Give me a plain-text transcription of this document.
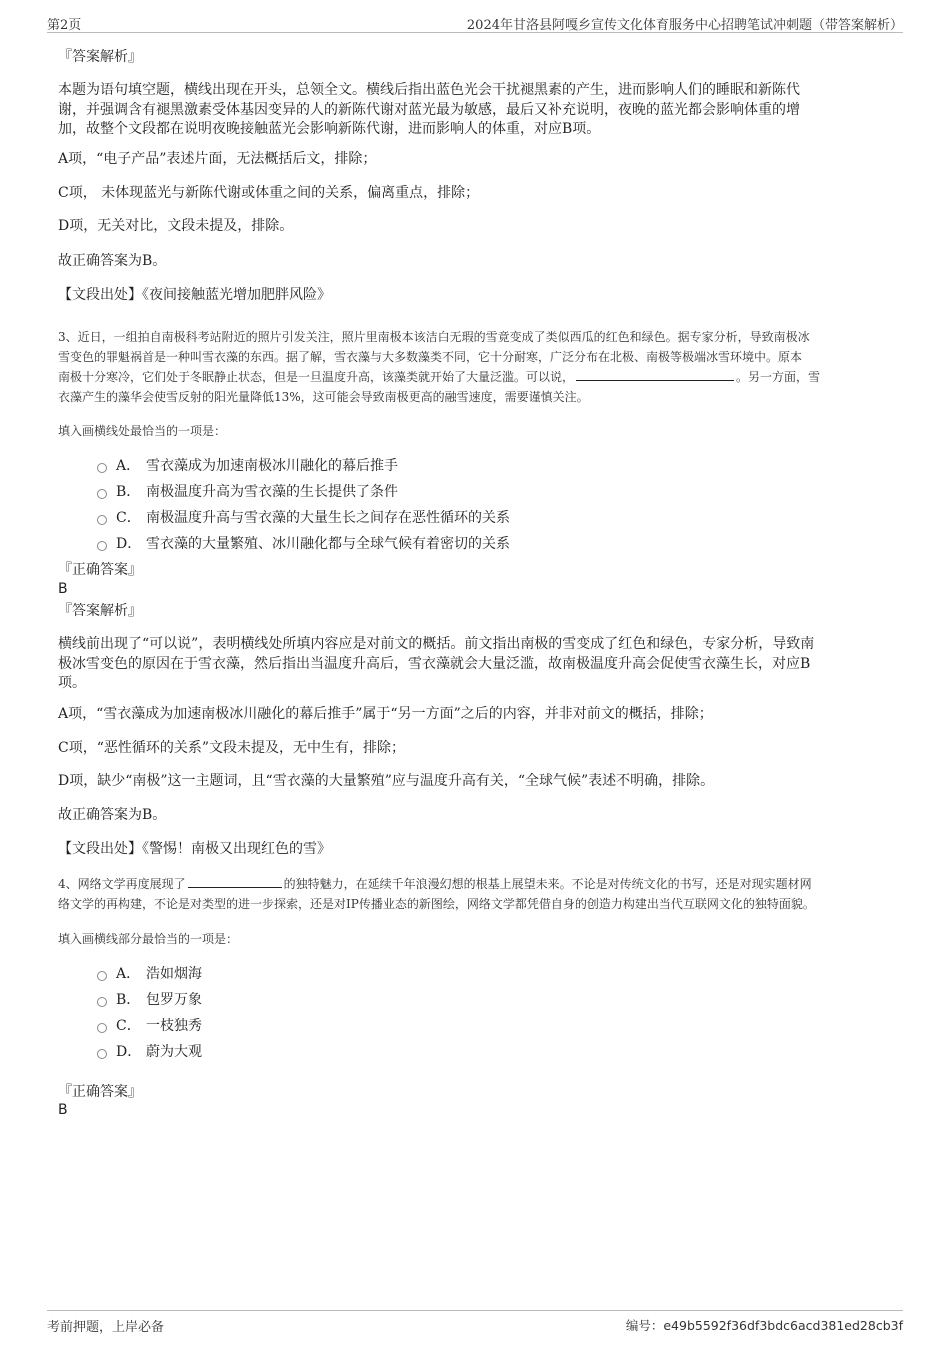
第2页	2024年甘洛县阿嘎乡宣传文化体育服务中心招聘笔试冲刺题（带答案解析）
『答案解析』
本题为语句填空题，横线出现在开头，总领全文。横线后指出蓝色光会干扰褪黑素的产生，进而影响人们的睡眠和新陈代
谢，并强调含有褪黑激素受体基因变异的人的新陈代谢对蓝光最为敏感，最后又补充说明，夜晚的蓝光都会影响体重的增
加，故整个文段都在说明夜晚接触蓝光会影响新陈代谢，进而影响人的体重，对应B项。
A项，“电子产品”表述片面，无法概括后文，排除；
C项， 未体现蓝光与新陈代谢或体重之间的关系，偏离重点，排除；
D项，无关对比，文段未提及，排除。
故正确答案为B。
【文段出处】《夜间接触蓝光增加肥胖风险》
3、近日，一组拍自南极科考站附近的照片引发关注，照片里南极本该洁白无瑕的雪竟变成了类似西瓜的红色和绿色。据专家分析，导致南极冰
雪变色的罪魁祸首是一种叫雪衣藻的东西。据了解，雪衣藻与大多数藻类不同，它十分耐寒，广泛分布在北极、南极等极端冰雪环境中。原本
南极十分寒冷，它们处于冬眠静止状态，但是一旦温度升高，该藻类就开始了大量泛滥。可以说，	。另一方面，雪
衣藻产生的藻华会使雪反射的阳光量降低13%，这可能会导致南极更高的融雪速度，需要谨慎关注。
填入画横线处最恰当的一项是：
A． 雪衣藻成为加速南极冰川融化的幕后推手
B． 南极温度升高为雪衣藻的生长提供了条件
C． 南极温度升高与雪衣藻的大量生长之间存在恶性循环的关系
D． 雪衣藻的大量繁殖、冰川融化都与全球气候有着密切的关系
『正确答案』
B
『答案解析』
横线前出现了“可以说”，表明横线处所填内容应是对前文的概括。前文指出南极的雪变成了红色和绿色，专家分析，导致南
极冰雪变色的原因在于雪衣藻，然后指出当温度升高后，雪衣藻就会大量泛滥，故南极温度升高会促使雪衣藻生长，对应B
项。
A项，“雪衣藻成为加速南极冰川融化的幕后推手”属于“另一方面”之后的内容，并非对前文的概括，排除；
C项，“恶性循环的关系”文段未提及，无中生有，排除；
D项，缺少“南极”这一主题词，且“雪衣藻的大量繁殖”应与温度升高有关，“全球气候”表述不明确，排除。
故正确答案为B。
【文段出处】《警惕！南极又出现红色的雪》
4、网络文学再度展现了	的独特魅力，在延续千年浪漫幻想的根基上展望未来。不论是对传统文化的书写，还是对现实题材网
络文学的再构建，不论是对类型的进一步探索，还是对IP传播业态的新图绘，网络文学都凭借自身的创造力构建出当代互联网文化的独特面貌。
填入画横线部分最恰当的一项是：
A． 浩如烟海
B． 包罗万象
C． 一枝独秀
D． 蔚为大观
『正确答案』
B
考前押题，上岸必备	编号：e49b5592f36df3bdc6acd381ed28cb3f
